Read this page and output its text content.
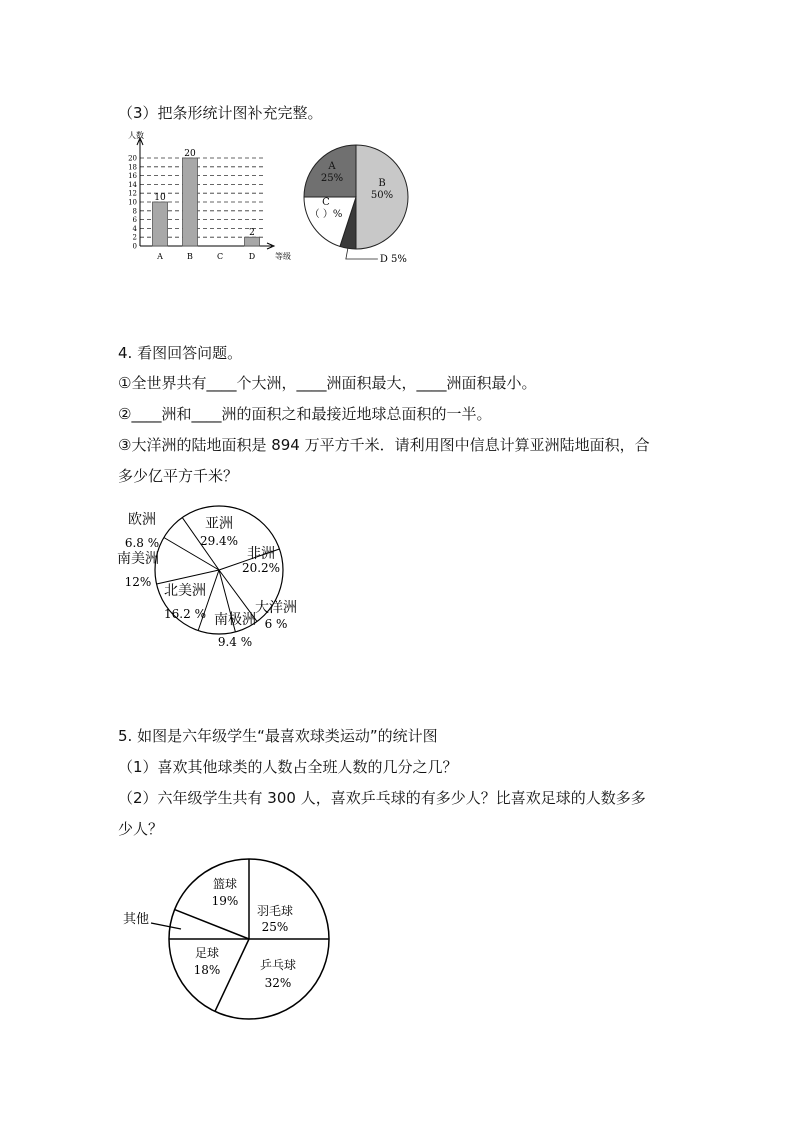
（3）把条形统计图补充完整。
0
2
4
6
8
10
12
14
16
18
20
人数
等级
A
10
B
20
C	D
2
A
25%	B
50%
C
（ ）%
D 5%
4. 看图回答问题。
①全世界共有____个大洲，____洲面积最大，____洲面积最小。
②____洲和____洲的面积之和最接近地球总面积的一半。
③大洋洲的陆地面积是 894 万平方千米．请利用图中信息计算亚洲陆地面积，合
多少亿平方千米？
亚洲
29.4%
非洲
20.2%
大洋洲
6 %
南极洲
9.4 %
北美洲
16.2 %
南美洲
12%
欧洲
6.8 %
5. 如图是六年级学生“最喜欢球类运动”的统计图
（1）喜欢其他球类的人数占全班人数的几分之几？
（2）六年级学生共有 300 人，喜欢乒乓球的有多少人？比喜欢足球的人数多多
少人？
羽毛球
25%
乒乓球
32%
足球
18%
篮球
19%
其他
